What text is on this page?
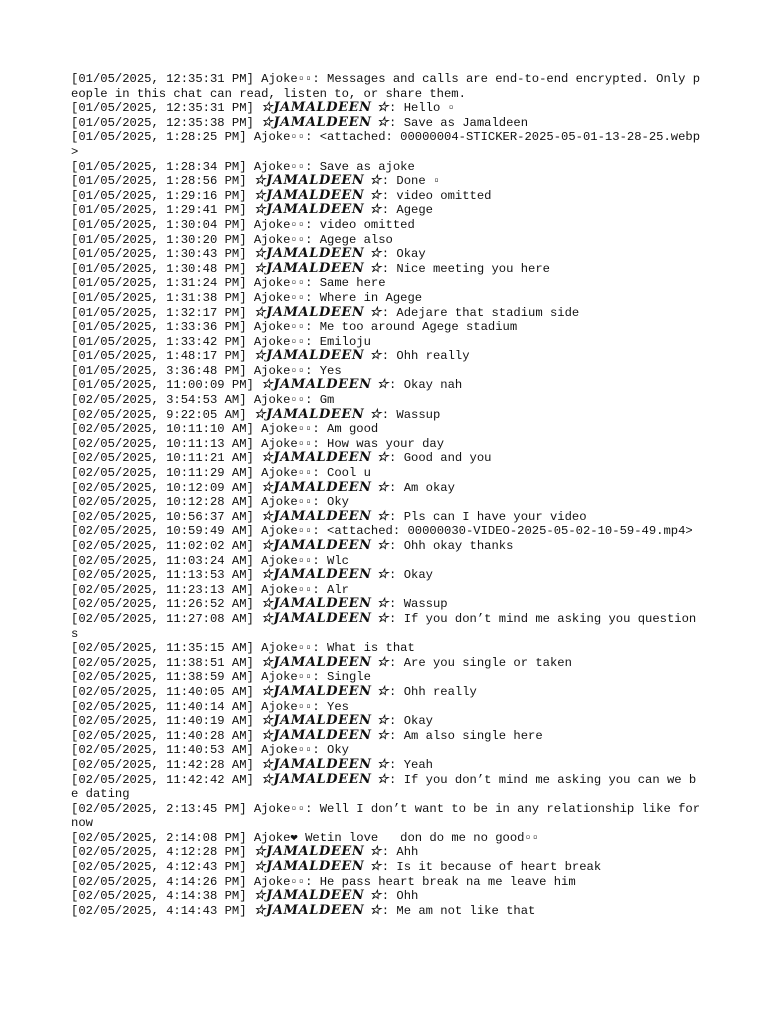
[01/05/2025, 12:35:31 PM] Ajoke▫▫: Messages and calls are end-to-end encrypted. Only people in this chat can read, listen to, or share them.
[01/05/2025, 12:35:31 PM] ☆𝑱𝑨𝑴𝑨𝑳𝑫𝑬𝑬𝑵 ☆: Hello ▫
[01/05/2025, 12:35:38 PM] ☆𝑱𝑨𝑴𝑨𝑳𝑫𝑬𝑬𝑵 ☆: Save as Jamaldeen
[01/05/2025, 1:28:25 PM] Ajoke▫▫: <attached: 00000004-STICKER-2025-05-01-13-28-25.webp>
[01/05/2025, 1:28:34 PM] Ajoke▫▫: Save as ajoke
[01/05/2025, 1:28:56 PM] ☆𝑱𝑨𝑴𝑨𝑳𝑫𝑬𝑬𝑵 ☆: Done ▫
[01/05/2025, 1:29:16 PM] ☆𝑱𝑨𝑴𝑨𝑳𝑫𝑬𝑬𝑵 ☆: video omitted
[01/05/2025, 1:29:41 PM] ☆𝑱𝑨𝑴𝑨𝑳𝑫𝑬𝑬𝑵 ☆: Agege
[01/05/2025, 1:30:04 PM] Ajoke▫▫: video omitted
[01/05/2025, 1:30:20 PM] Ajoke▫▫: Agege also
[01/05/2025, 1:30:43 PM] ☆𝑱𝑨𝑴𝑨𝑳𝑫𝑬𝑬𝑵 ☆: Okay
[01/05/2025, 1:30:48 PM] ☆𝑱𝑨𝑴𝑨𝑳𝑫𝑬𝑬𝑵 ☆: Nice meeting you here
[01/05/2025, 1:31:24 PM] Ajoke▫▫: Same here
[01/05/2025, 1:31:38 PM] Ajoke▫▫: Where in Agege
[01/05/2025, 1:32:17 PM] ☆𝑱𝑨𝑴𝑨𝑳𝑫𝑬𝑬𝑵 ☆: Adejare that stadium side
[01/05/2025, 1:33:36 PM] Ajoke▫▫: Me too around Agege stadium
[01/05/2025, 1:33:42 PM] Ajoke▫▫: Emiloju
[01/05/2025, 1:48:17 PM] ☆𝑱𝑨𝑴𝑨𝑳𝑫𝑬𝑬𝑵 ☆: Ohh really
[01/05/2025, 3:36:48 PM] Ajoke▫▫: Yes
[01/05/2025, 11:00:09 PM] ☆𝑱𝑨𝑴𝑨𝑳𝑫𝑬𝑬𝑵 ☆: Okay nah
[02/05/2025, 3:54:53 AM] Ajoke▫▫: Gm
[02/05/2025, 9:22:05 AM] ☆𝑱𝑨𝑴𝑨𝑳𝑫𝑬𝑬𝑵 ☆: Wassup
[02/05/2025, 10:11:10 AM] Ajoke▫▫: Am good
[02/05/2025, 10:11:13 AM] Ajoke▫▫: How was your day
[02/05/2025, 10:11:21 AM] ☆𝑱𝑨𝑴𝑨𝑳𝑫𝑬𝑬𝑵 ☆: Good and you
[02/05/2025, 10:11:29 AM] Ajoke▫▫: Cool u
[02/05/2025, 10:12:09 AM] ☆𝑱𝑨𝑴𝑨𝑳𝑫𝑬𝑬𝑵 ☆: Am okay
[02/05/2025, 10:12:28 AM] Ajoke▫▫: Oky
[02/05/2025, 10:56:37 AM] ☆𝑱𝑨𝑴𝑨𝑳𝑫𝑬𝑬𝑵 ☆: Pls can I have your video
[02/05/2025, 10:59:49 AM] Ajoke▫▫: <attached: 00000030-VIDEO-2025-05-02-10-59-49.mp4>
[02/05/2025, 11:02:02 AM] ☆𝑱𝑨𝑴𝑨𝑳𝑫𝑬𝑬𝑵 ☆: Ohh okay thanks
[02/05/2025, 11:03:24 AM] Ajoke▫▫: Wlc
[02/05/2025, 11:13:53 AM] ☆𝑱𝑨𝑴𝑨𝑳𝑫𝑬𝑬𝑵 ☆: Okay
[02/05/2025, 11:23:13 AM] Ajoke▫▫: Alr
[02/05/2025, 11:26:52 AM] ☆𝑱𝑨𝑴𝑨𝑳𝑫𝑬𝑬𝑵 ☆: Wassup
[02/05/2025, 11:27:08 AM] ☆𝑱𝑨𝑴𝑨𝑳𝑫𝑬𝑬𝑵 ☆: If you don’t mind me asking you questions
[02/05/2025, 11:35:15 AM] Ajoke▫▫: What is that
[02/05/2025, 11:38:51 AM] ☆𝑱𝑨𝑴𝑨𝑳𝑫𝑬𝑬𝑵 ☆: Are you single or taken
[02/05/2025, 11:38:59 AM] Ajoke▫▫: Single
[02/05/2025, 11:40:05 AM] ☆𝑱𝑨𝑴𝑨𝑳𝑫𝑬𝑬𝑵 ☆: Ohh really
[02/05/2025, 11:40:14 AM] Ajoke▫▫: Yes
[02/05/2025, 11:40:19 AM] ☆𝑱𝑨𝑴𝑨𝑳𝑫𝑬𝑬𝑵 ☆: Okay
[02/05/2025, 11:40:28 AM] ☆𝑱𝑨𝑴𝑨𝑳𝑫𝑬𝑬𝑵 ☆: Am also single here
[02/05/2025, 11:40:53 AM] Ajoke▫▫: Oky
[02/05/2025, 11:42:28 AM] ☆𝑱𝑨𝑴𝑨𝑳𝑫𝑬𝑬𝑵 ☆: Yeah
[02/05/2025, 11:42:42 AM] ☆𝑱𝑨𝑴𝑨𝑳𝑫𝑬𝑬𝑵 ☆: If you don’t mind me asking you can we be dating
[02/05/2025, 2:13:45 PM] Ajoke▫▫: Well I don’t want to be in any relationship like for now
[02/05/2025, 2:14:08 PM] Ajoke❤ Wetin love   don do me no good▫▫
[02/05/2025, 4:12:28 PM] ☆𝑱𝑨𝑴𝑨𝑳𝑫𝑬𝑬𝑵 ☆: Ahh
[02/05/2025, 4:12:43 PM] ☆𝑱𝑨𝑴𝑨𝑳𝑫𝑬𝑬𝑵 ☆: Is it because of heart break
[02/05/2025, 4:14:26 PM] Ajoke▫▫: He pass heart break na me leave him
[02/05/2025, 4:14:38 PM] ☆𝑱𝑨𝑴𝑨𝑳𝑫𝑬𝑬𝑵 ☆: Ohh
[02/05/2025, 4:14:43 PM] ☆𝑱𝑨𝑴𝑨𝑳𝑫𝑬𝑬𝑵 ☆: Me am not like that
